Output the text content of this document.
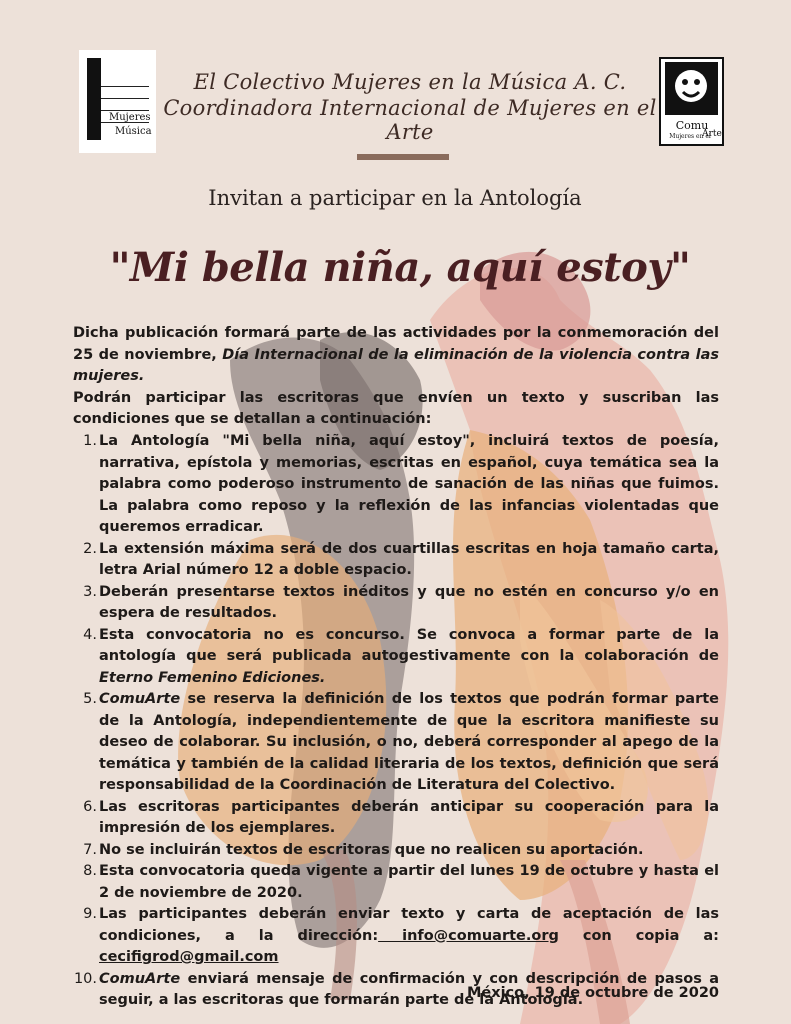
Mujeres
Música
El Colectivo Mujeres en la Música A. C.
Coordinadora Internacional de Mujeres en el Arte	Comu
Mujeres en el
Arte
Invitan a participar en la Antología
"Mi bella niña, aquí estoy"
Dicha publicación formará parte de las actividades por la conmemoración del 25 de noviembre, Día Internacional de la eliminación de la violencia contra las mujeres.
Podrán participar las escritoras que envíen un texto y suscriban las condiciones que se detallan a continuación:
1. La Antología "Mi bella niña, aquí estoy", incluirá textos de poesía, narrativa, epístola y memorias, escritas en español, cuya temática sea la palabra como poderoso instrumento de sanación de las niñas que fuimos. La palabra como reposo y la reflexión de las infancias violentadas que queremos erradicar.
2. La extensión máxima será de dos cuartillas escritas en hoja tamaño carta, letra Arial número 12 a doble espacio.
3. Deberán presentarse textos inéditos y que no estén en concurso y/o en espera de resultados.
4. Esta convocatoria no es concurso. Se convoca a formar parte de la antología que será publicada autogestivamente con la colaboración de Eterno Femenino Ediciones.
5. ComuArte se reserva la definición de los textos que podrán formar parte de la Antología, independientemente de que la escritora manifieste su deseo de colaborar. Su inclusión, o no, deberá corresponder al apego de la temática y también de la calidad literaria de los textos, definición que será responsabilidad de la Coordinación de Literatura del Colectivo.
6. Las escritoras participantes deberán anticipar su cooperación para la impresión de los ejemplares.
7. No se incluirán textos de escritoras que no realicen su aportación.
8. Esta convocatoria queda vigente a partir del lunes 19 de octubre y hasta el 2 de noviembre de 2020.
9. Las participantes deberán enviar texto y carta de aceptación de las condiciones, a la dirección: info@comuarte.org con copia a: cecifigrod@gmail.com
10. ComuArte enviará mensaje de confirmación y con descripción de pasos a seguir, a las escritoras que formarán parte de la Antología.
México, 19 de octubre de 2020
